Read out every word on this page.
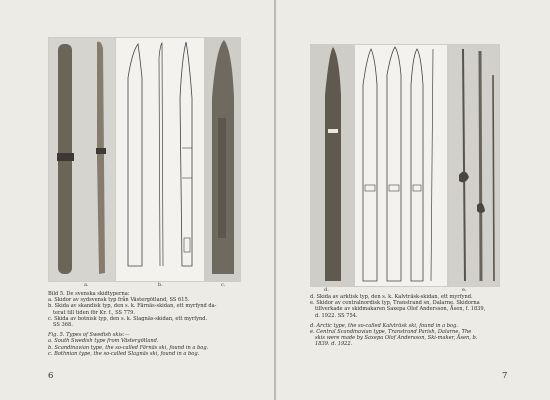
a.	b.	c.

Bild 5. De svenska skidtyperna:

a. Skidor av sydsvensk typ från Västergötland, SS 615.

b. Skida av skandisk typ, den s. k. Färnäs-skidan, ett myrfynd da-

terat till tiden för Kr. f., SS 779.

c. Skida av botnisk typ, den s. k. Slagnäs-skidan, ett myrfynd.

SS 368.

Fig. 5. Types of Swedish skis:—

a. South Swedish type from Västergötland.

b. Scandinavian type, the so-called Färnäs ski, found in a bog.

c. Bothnian type, the so-called Slagnäs ski, found in a bog.

6
d.	e.

d. Skida av arktisk typ, den s. k. Kalvträsk-skidan, ett myrfynd.

e. Skidor av centralnordisk typ, Transtrand sn, Dalarne. Skidorna

tillverkade av skidmakaren Saxepa Olof Andersson, Åsen, f. 1839,

d. 1922. SS 754.

d. Arctic type, the so-called Kalvträsk ski, found in a bog.

e. Central Scandinavian type, Transtrand Parish, Dalarne. The

skis were made by Saxepa Olof Andersson, Ski-maker, Åsen, b.

1839. d. 1922.

7
